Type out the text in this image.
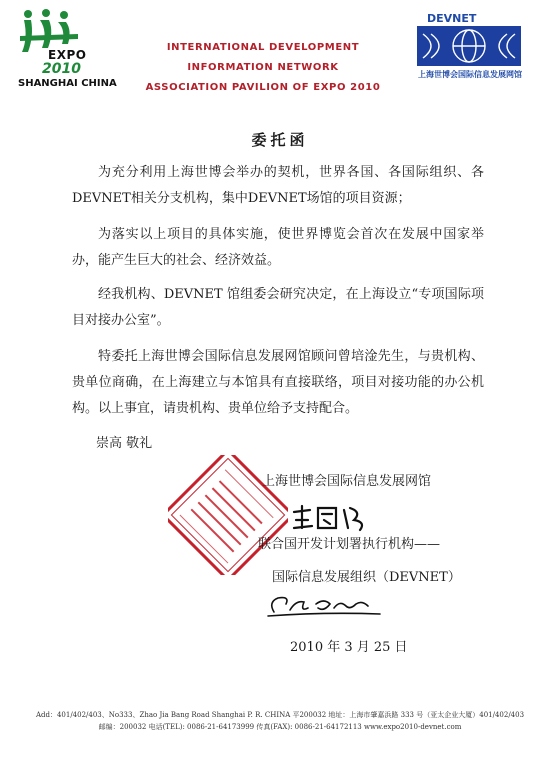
EXPO
2010
SHANGHAI CHINA
INTERNATIONAL DEVELOPMENT INFORMATION NETWORK
ASSOCIATION PAVILION OF EXPO 2010
DEVNET
上海世博会国际信息发展网馆
委托函
为充分利用上海世博会举办的契机，世界各国、各国际组织、各DEVNET相关分支机构，集中DEVNET场馆的项目资源；
为落实以上项目的具体实施，使世界博览会首次在发展中国家举办，能产生巨大的社会、经济效益。
经我机构、DEVNET 馆组委会研究决定，在上海设立“专项国际项目对接办公室”。
特委托上海世博会国际信息发展网馆顾问曾培淦先生，与贵机构、贵单位商确，在上海建立与本馆具有直接联络，项目对接功能的办公机构。以上事宜，请贵机构、贵单位给予支持配合。
崇高 敬礼
上海世博会国际信息发展网馆
联合国开发计划署执行机构——
国际信息发展组织（DEVNET）
2010 年 3 月 25 日
Add：401/402/403、No333、Zhao Jia Bang Road Shanghai P. R. CHINA 平200032 地址：上海市肇嘉浜路 333 号（亚太企业大厦）401/402/403
邮编：200032 电话(TEL): 0086-21-64173999 传真(FAX): 0086-21-64172113 www.expo2010-devnet.com
